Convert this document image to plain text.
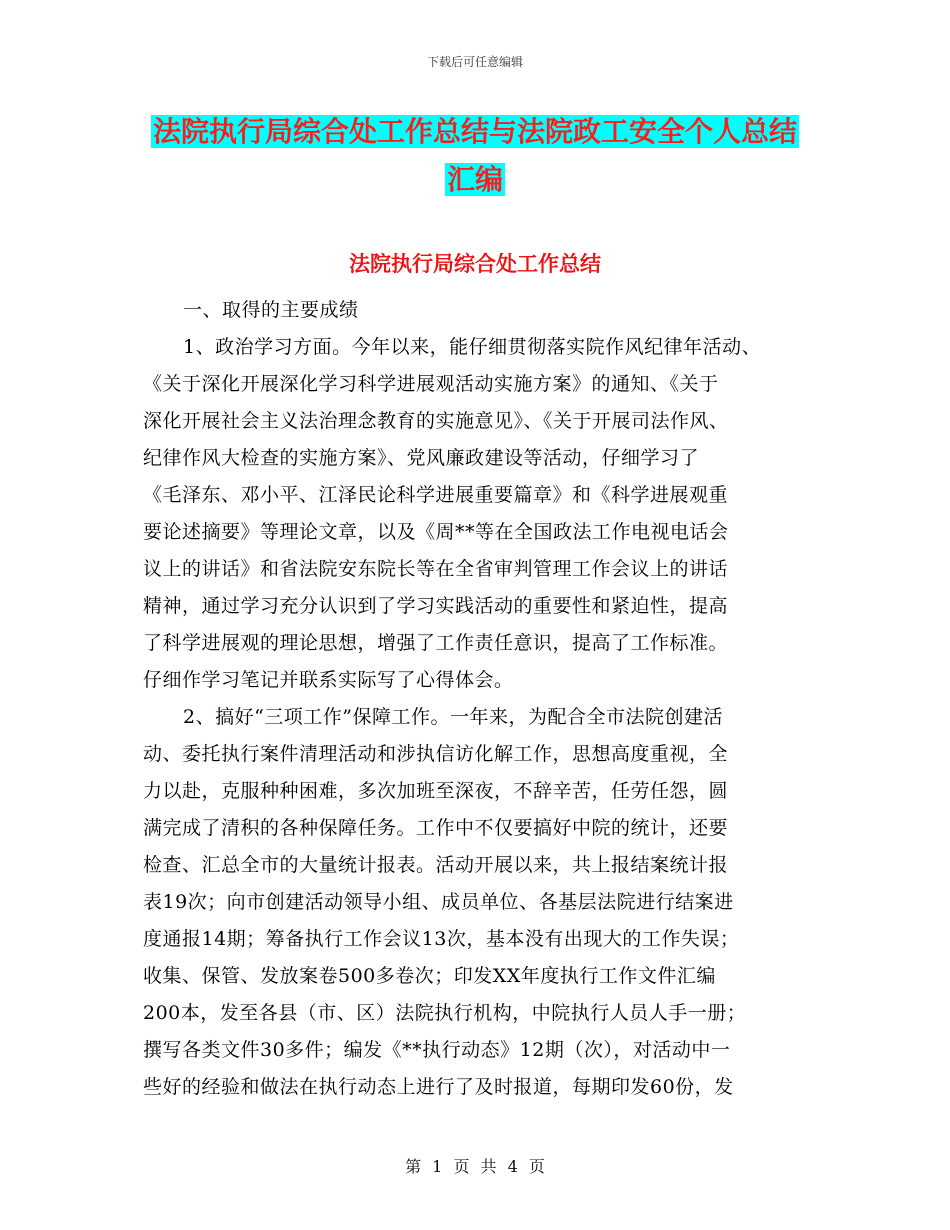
下载后可任意编辑
法院执行局综合处工作总结与法院政工安全个人总结
汇编
法院执行局综合处工作总结
一、取得的主要成绩
1、政治学习方面。今年以来，能仔细贯彻落实院作风纪律年活动、
《关于深化开展深化学习科学进展观活动实施方案》的通知、《关于
深化开展社会主义法治理念教育的实施意见》、《关于开展司法作风、
纪律作风大检查的实施方案》、党风廉政建设等活动，仔细学习了
《毛泽东、邓小平、江泽民论科学进展重要篇章》和《科学进展观重
要论述摘要》等理论文章，以及《周**等在全国政法工作电视电话会
议上的讲话》和省法院安东院长等在全省审判管理工作会议上的讲话
精神，通过学习充分认识到了学习实践活动的重要性和紧迫性，提高
了科学进展观的理论思想，增强了工作责任意识，提高了工作标准。
仔细作学习笔记并联系实际写了心得体会。
2、搞好“三项工作”保障工作。一年来，为配合全市法院创建活
动、委托执行案件清理活动和涉执信访化解工作，思想高度重视，全
力以赴，克服种种困难，多次加班至深夜，不辞辛苦，任劳任怨，圆
满完成了清积的各种保障任务。工作中不仅要搞好中院的统计，还要
检查、汇总全市的大量统计报表。活动开展以来，共上报结案统计报
表19次；向市创建活动领导小组、成员单位、各基层法院进行结案进
度通报14期；筹备执行工作会议13次，基本没有出现大的工作失误；
收集、保管、发放案卷500多卷次；印发XX年度执行工作文件汇编
200本，发至各县（市、区）法院执行机构，中院执行人员人手一册；
撰写各类文件30多件；编发《**执行动态》12期（次），对活动中一
些好的经验和做法在执行动态上进行了及时报道，每期印发60份，发
第 1 页 共 4 页
